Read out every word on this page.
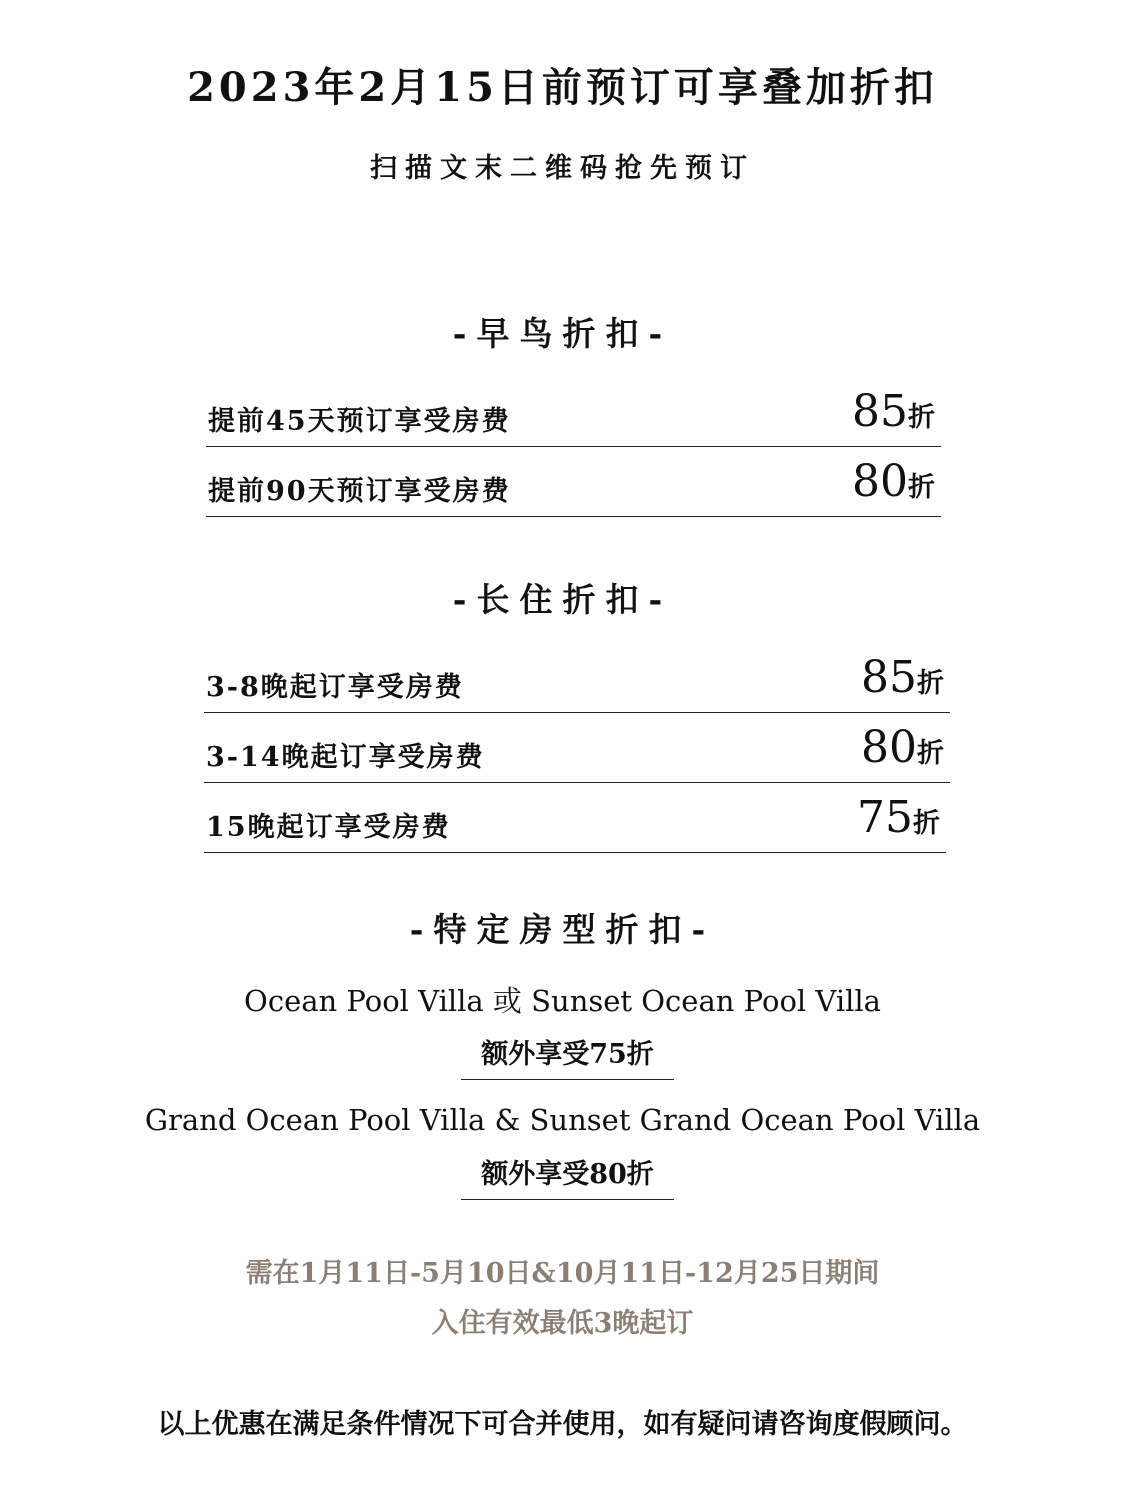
2023年2月15日前预订可享叠加折扣
扫描文末二维码抢先预订
-早鸟折扣-
提前45天预订享受房费	85折
提前90天预订享受房费	80折
-长住折扣-
3-8晚起订享受房费	85折
3-14晚起订享受房费	80折
15晚起订享受房费	75折
-特定房型折扣-
Ocean Pool Villa 或 Sunset Ocean Pool Villa
额外享受75折
Grand Ocean Pool Villa & Sunset Grand Ocean Pool Villa
额外享受80折
需在1月11日-5月10日&10月11日-12月25日期间
入住有效最低3晚起订
以上优惠在满足条件情况下可合并使用，如有疑问请咨询度假顾问。
